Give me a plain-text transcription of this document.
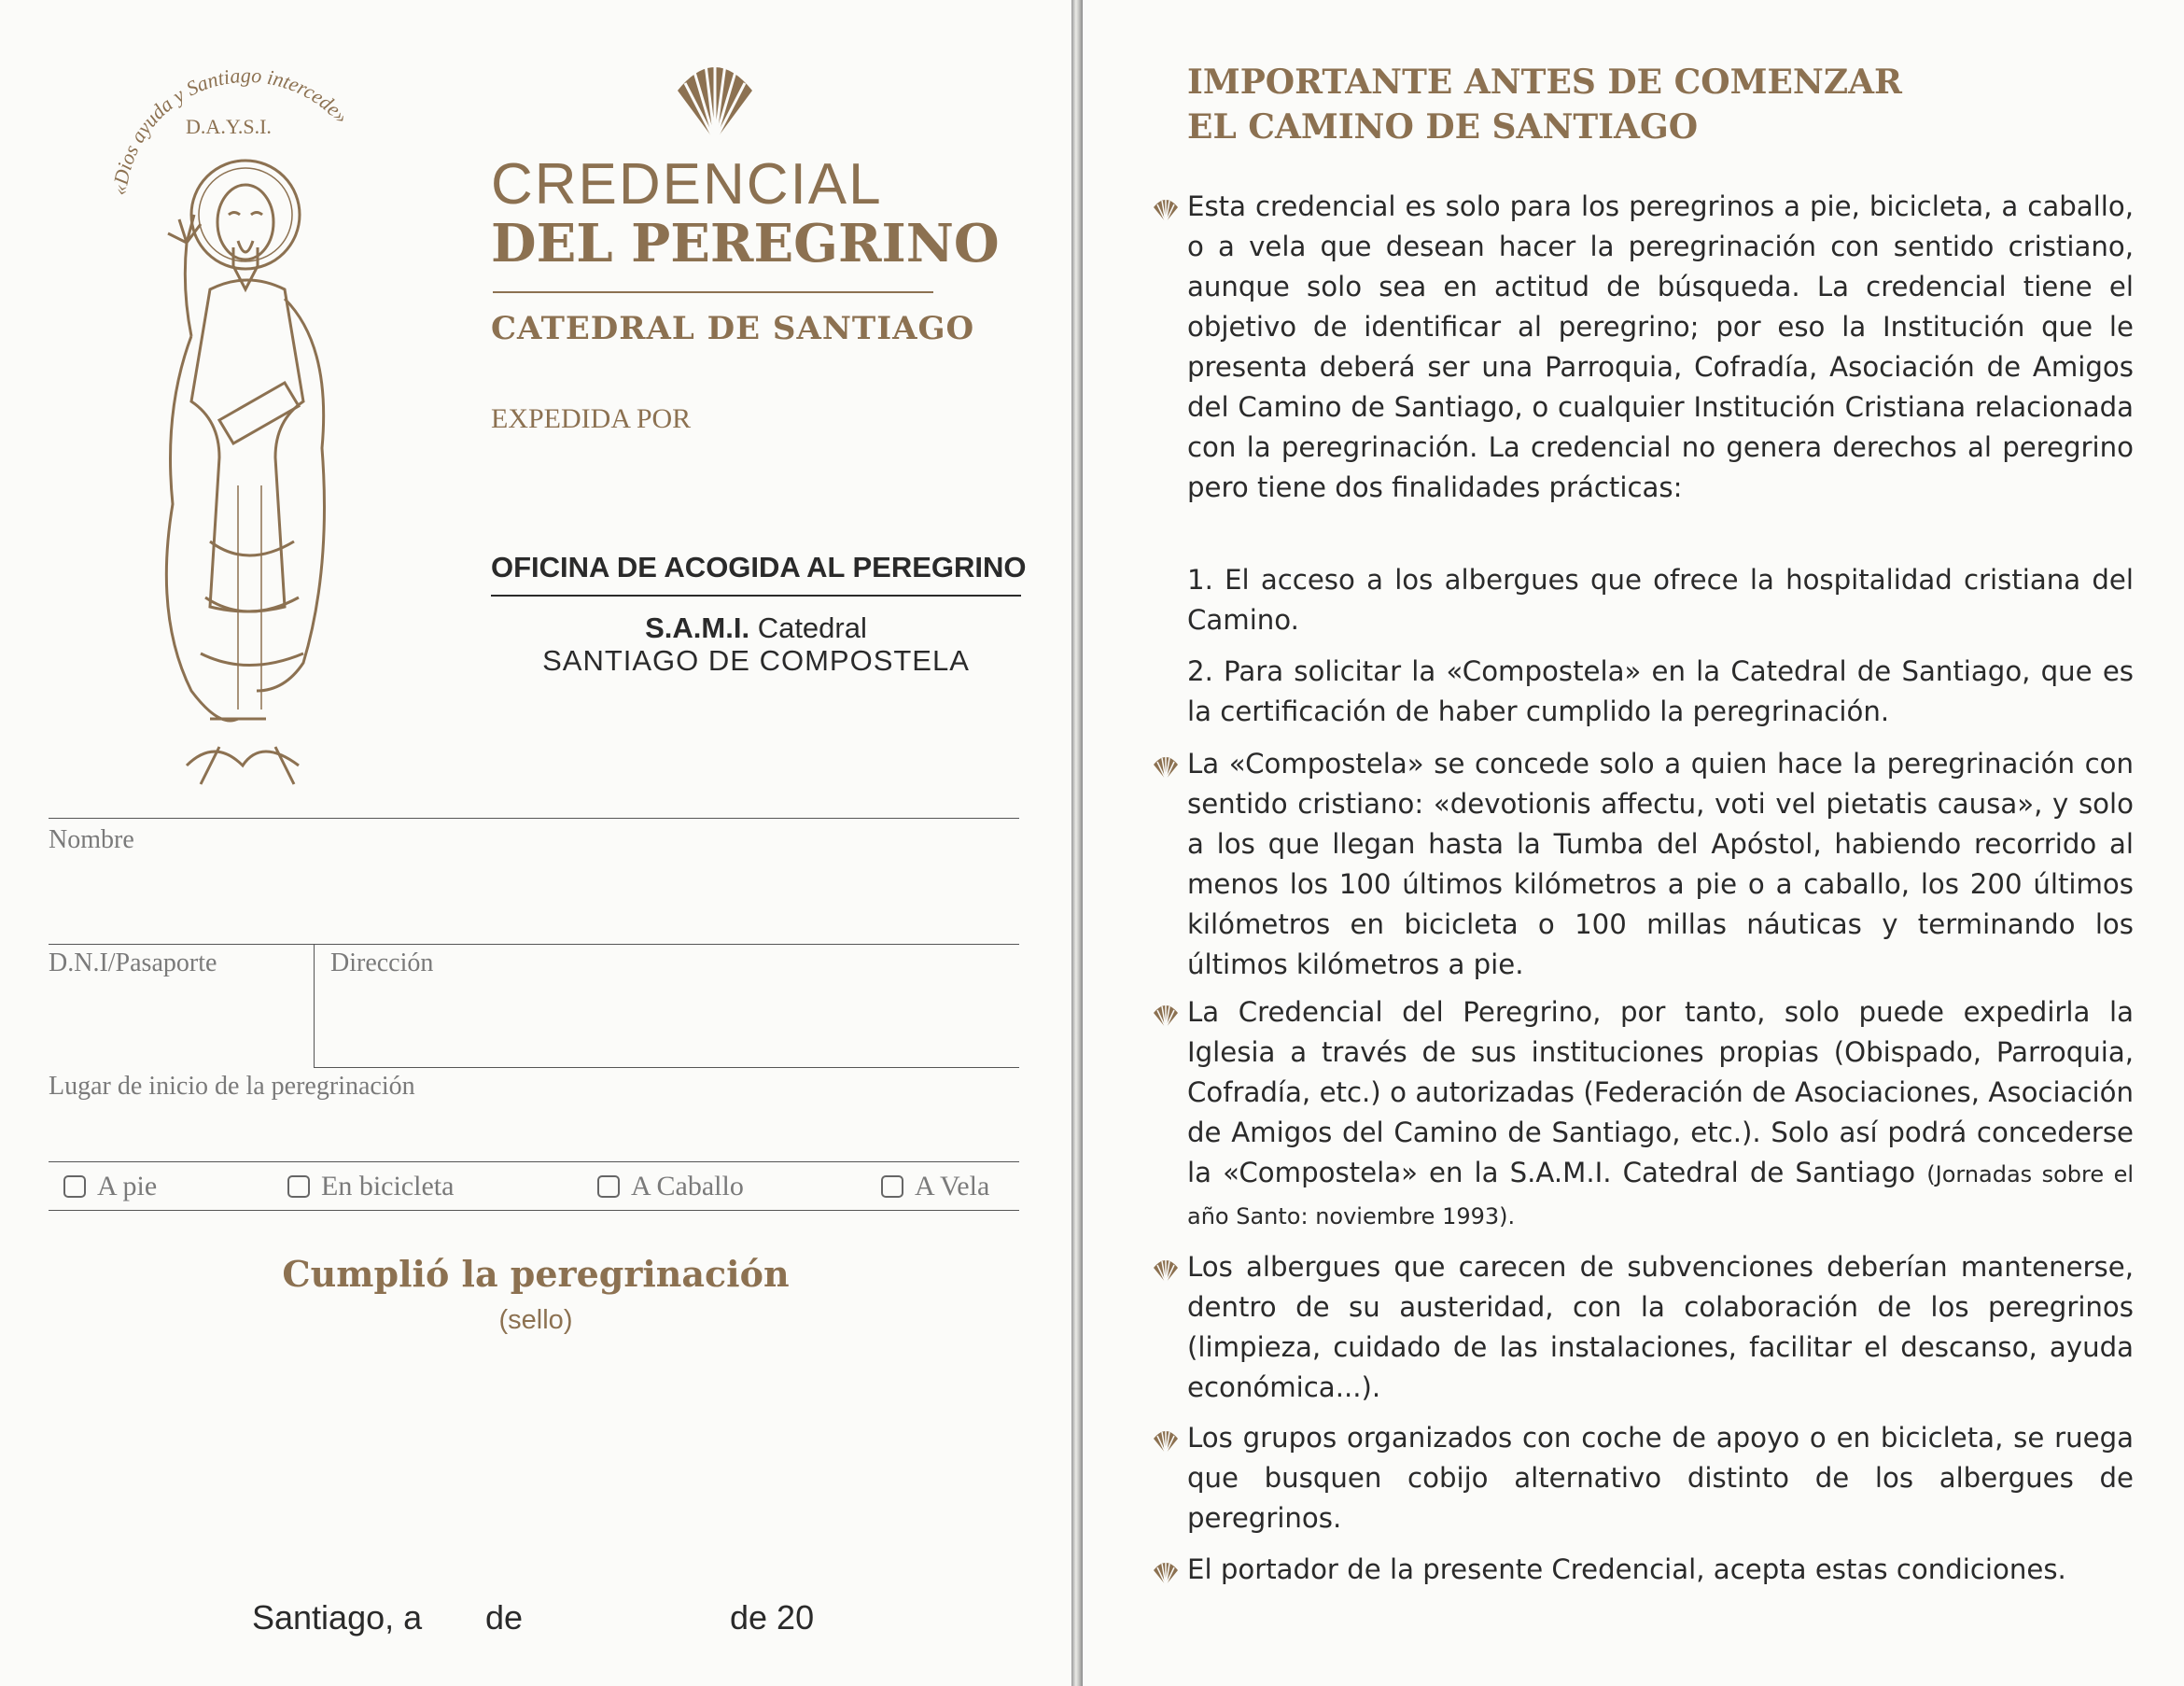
«Dios ayuda y Santiago intercede»
D.A.Y.S.I.
CREDENCIAL
DEL PEREGRINO
CATEDRAL DE SANTIAGO
EXPEDIDA POR
OFICINA DE ACOGIDA AL PEREGRINO
S.A.M.I. Catedral
SANTIAGO DE COMPOSTELA
Nombre
D.N.I/Pasaporte	Dirección
Lugar de inicio de la peregrinación
A pie	En bicicleta	A Caballo	A Vela
Cumplió la peregrinación
(sello)
Santiago, a de	de 20
IMPORTANTE ANTES DE COMENZAR
EL CAMINO DE SANTIAGO
Esta credencial es solo para los peregrinos a pie, bicicleta, a caballo, o a vela que desean hacer la peregrinación con sentido cristiano, aunque solo sea en actitud de búsqueda. La credencial tiene el objetivo de identificar al peregrino; por eso la Institución que le presenta deberá ser una Parroquia, Cofradía, Asociación de Amigos del Camino de Santiago, o cualquier Institución Cristiana relacionada con la peregrinación. La credencial no genera derechos al peregrino pero tiene dos finalidades prácticas:
1. El acceso a los albergues que ofrece la hospitalidad cristiana del Camino.
2. Para solicitar la «Compostela» en la Catedral de Santiago, que es la certificación de haber cumplido la peregrinación.
La «Compostela» se concede solo a quien hace la peregrinación con sentido cristiano: «devotionis affectu, voti vel pietatis causa», y solo a los que llegan hasta la Tumba del Apóstol, habiendo recorrido al menos los 100 últimos kilómetros a pie o a caballo, los 200 últimos kilómetros en bicicleta o 100 millas náuticas y terminando los últimos kilómetros a pie.
La Credencial del Peregrino, por tanto, solo puede expedirla la Iglesia a través de sus instituciones propias (Obispado, Parroquia, Cofradía, etc.) o autorizadas (Federación de Asociaciones, Asociación de Amigos del Camino de Santiago, etc.). Solo así podrá concederse la «Compostela» en la S.A.M.I. Catedral de Santiago (Jornadas sobre el año Santo: noviembre 1993).
Los albergues que carecen de subvenciones deberían mantenerse, dentro de su austeridad, con la colaboración de los peregrinos (limpieza, cuidado de las instalaciones, facilitar el descanso, ayuda económica...).
Los grupos organizados con coche de apoyo o en bicicleta, se ruega que busquen cobijo alternativo distinto de los albergues de peregrinos.
El portador de la presente Credencial, acepta estas condiciones.
